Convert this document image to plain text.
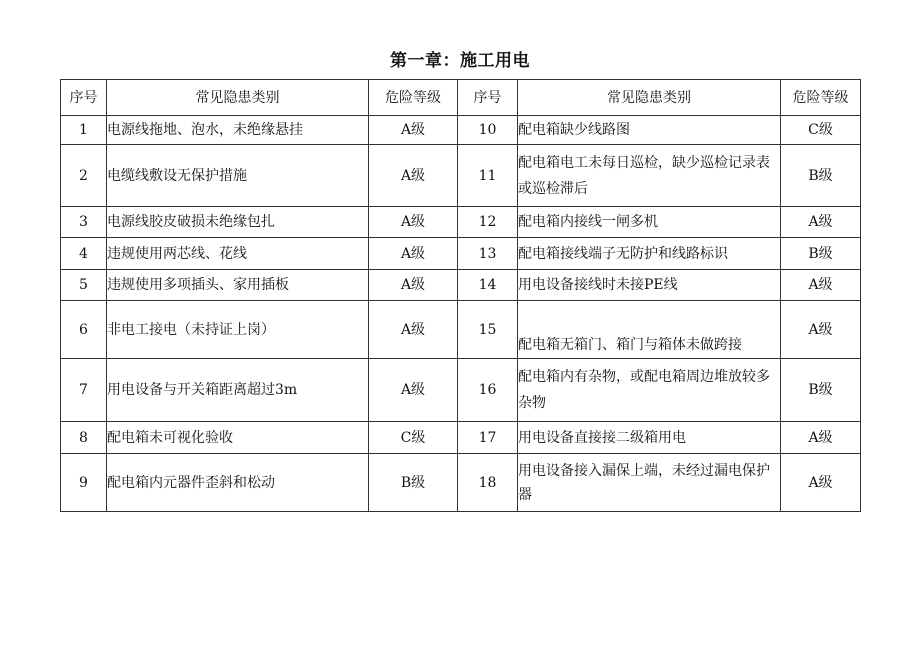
第一章：施工用电
序号	常见隐患类别	危险等级	序号	常见隐患类别	危险等级
1	电源线拖地、泡水，未绝缘悬挂	A级	10	配电箱缺少线路图	C级
2	电缆线敷设无保护措施	A级	11	配电箱电工未每日巡检，缺少巡检记录表或巡检滞后	B级
3	电源线胶皮破损未绝缘包扎	A级	12	配电箱内接线一闸多机	A级
4	违规使用两芯线、花线	A级	13	配电箱接线端子无防护和线路标识	B级
5	违规使用多项插头、家用插板	A级	14	用电设备接线时未接PE线	A级
6	非电工接电（未持证上岗）	A级	15	配电箱无箱门、箱门与箱体未做跨接	A级
7	用电设备与开关箱距离超过3m	A级	16	配电箱内有杂物，或配电箱周边堆放较多杂物	B级
8	配电箱未可视化验收	C级	17	用电设备直接接二级箱用电	A级
9	配电箱内元器件歪斜和松动	B级	18	用电设备接入漏保上端，未经过漏电保护器	A级
